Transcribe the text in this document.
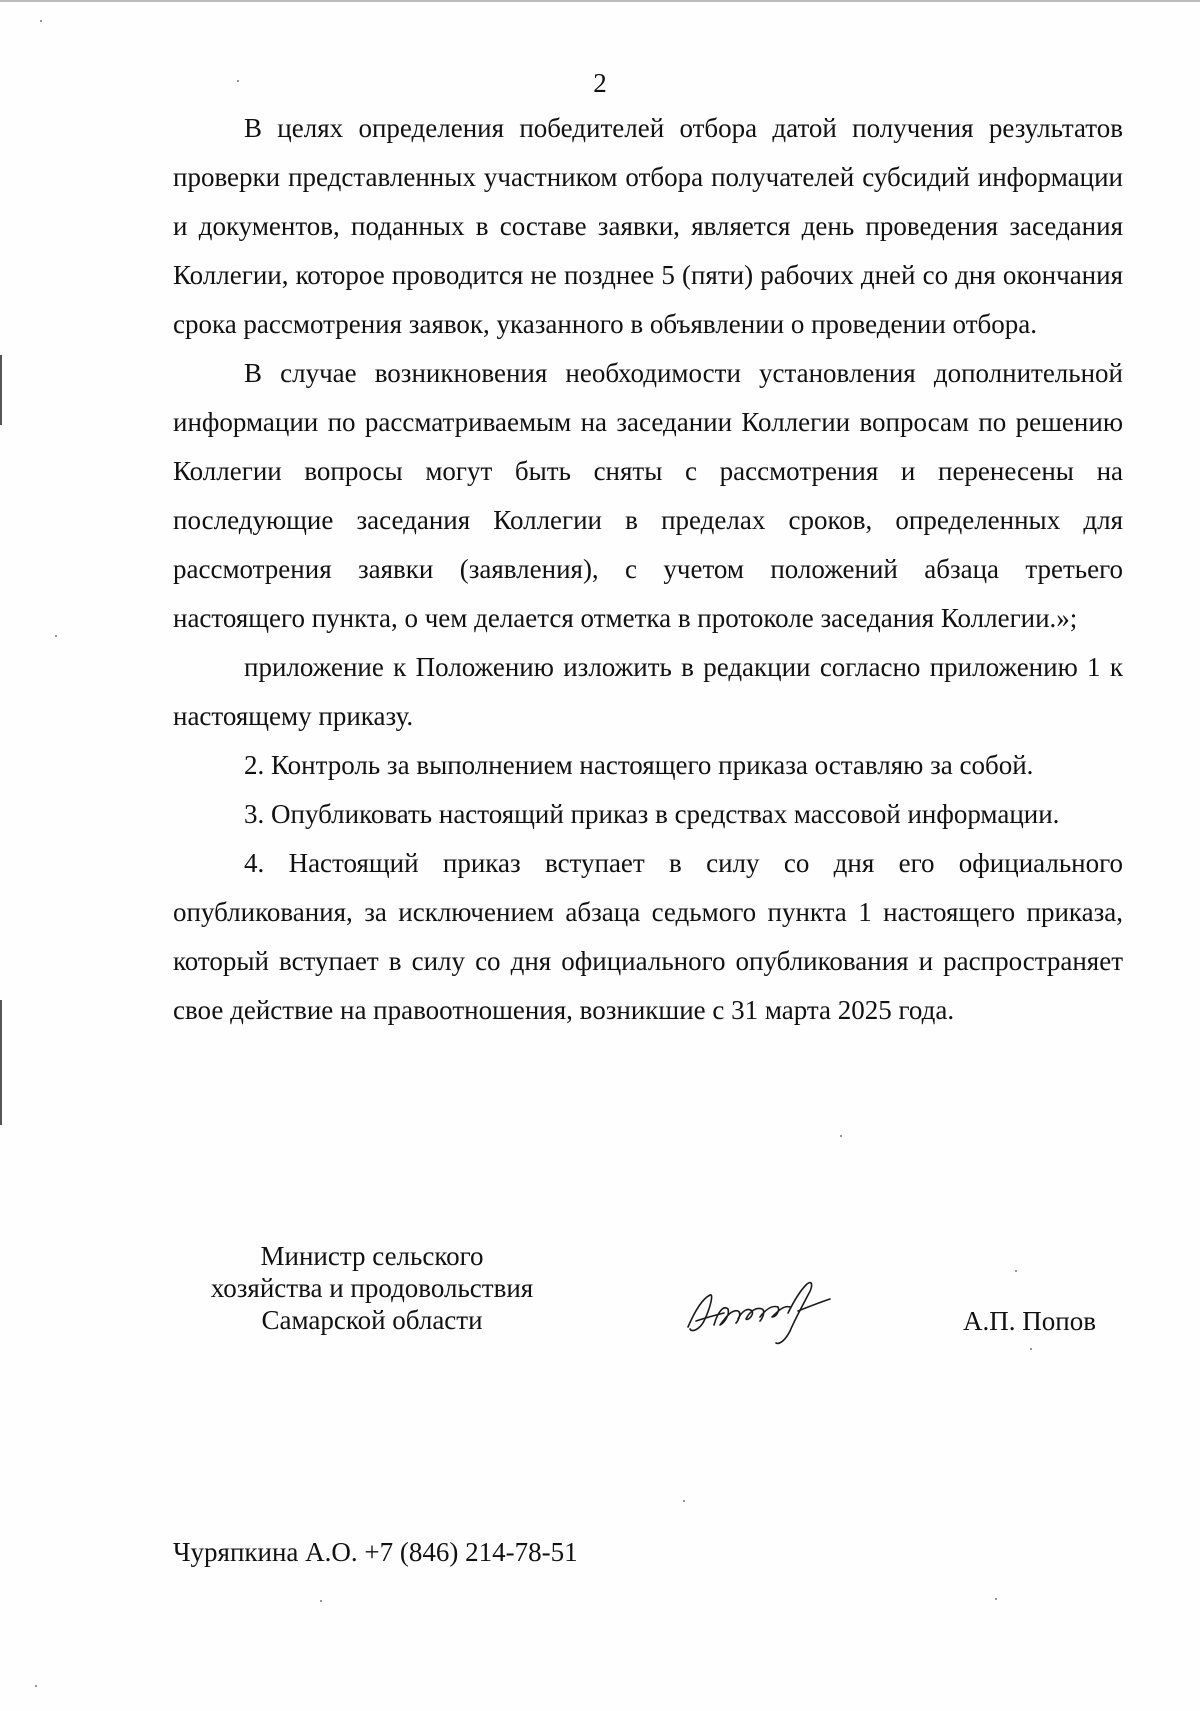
2

В целях определения победителей отбора датой получения результатов проверки представленных участником отбора получателей субсидий информации и документов, поданных в составе заявки, является день проведения заседания Коллегии, которое проводится не позднее 5 (пяти) рабочих дней со дня окончания срока рассмотрения заявок, указанного в объявлении о проведении отбора.

В случае возникновения необходимости установления дополнительной информации по рассматриваемым на заседании Коллегии вопросам по решению Коллегии вопросы могут быть сняты с рассмотрения и перенесены на последующие заседания Коллегии в пределах сроков, определенных для рассмотрения заявки (заявления), с учетом положений абзаца третьего настоящего пункта, о чем делается отметка в протоколе заседания Коллегии.»;

приложение к Положению изложить в редакции согласно приложению 1 к настоящему приказу.

2. Контроль за выполнением настоящего приказа оставляю за собой.

3. Опубликовать настоящий приказ в средствах массовой информации.

4. Настоящий приказ вступает в силу со дня его официального опубликования, за исключением абзаца седьмого пункта 1 настоящего приказа, который вступает в силу со дня официального опубликования и распространяет свое действие на правоотношения, возникшие с 31 марта 2025 года.

Министр сельского
хозяйства и продовольствия
Самарской области	А.П. Попов
Чуряпкина А.О. +7 (846) 214-78-51
